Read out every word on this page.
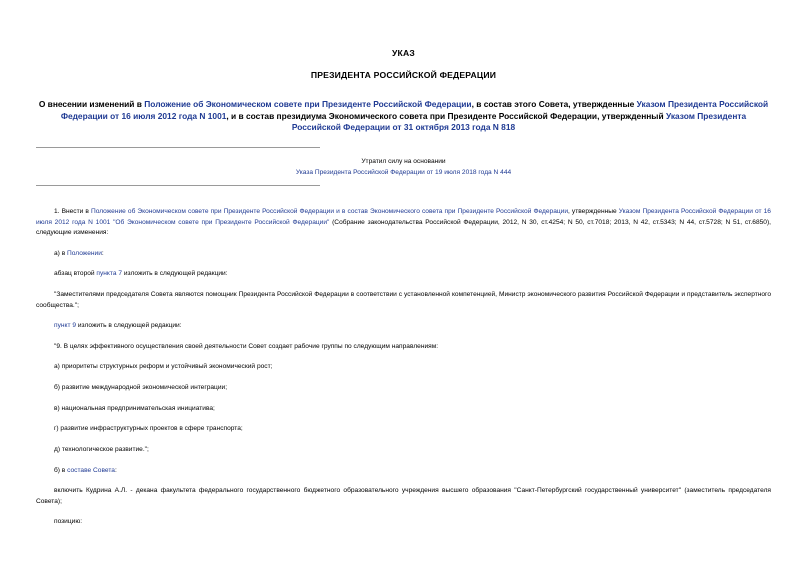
УКАЗ
ПРЕЗИДЕНТА РОССИЙСКОЙ ФЕДЕРАЦИИ
О внесении изменений в Положение об Экономическом совете при Президенте Российской Федерации, в состав этого Совета, утвержденные Указом Президента Российской Федерации от 16 июля 2012 года N 1001, и в состав президиума Экономического совета при Президенте Российской Федерации, утвержденный Указом Президента Российской Федерации от 31 октября 2013 года N 818
Утратил силу на основании
Указа Президента Российской Федерации от 19 июля 2018 года N 444
1. Внести в Положение об Экономическом совете при Президенте Российской Федерации и в состав Экономического совета при Президенте Российской Федерации, утвержденные Указом Президента Российской Федерации от 16 июля 2012 года N 1001 "Об Экономическом совете при Президенте Российской Федерации" (Собрание законодательства Российской Федерации, 2012, N 30, ст.4254; N 50, ст.7018; 2013, N 42, ст.5343; N 44, ст.5728; N 51, ст.6850), следующие изменения:
а) в Положении:
абзац второй пункта 7 изложить в следующей редакции:
"Заместителями председателя Совета являются помощник Президента Российской Федерации в соответствии с установленной компетенцией, Министр экономического развития Российской Федерации и представитель экспертного сообщества.";
пункт 9 изложить в следующей редакции:
"9. В целях эффективного осуществления своей деятельности Совет создает рабочие группы по следующим направлениям:
а) приоритеты структурных реформ и устойчивый экономический рост;
б) развитие международной экономической интеграции;
в) национальная предпринимательская инициатива;
г) развитие инфраструктурных проектов в сфере транспорта;
д) технологическое развитие.";
б) в составе Совета:
включить Кудрина А.Л. - декана факультета федерального государственного бюджетного образовательного учреждения высшего образования "Санкт-Петербургский государственный университет" (заместитель председателя Совета);
позицию:
